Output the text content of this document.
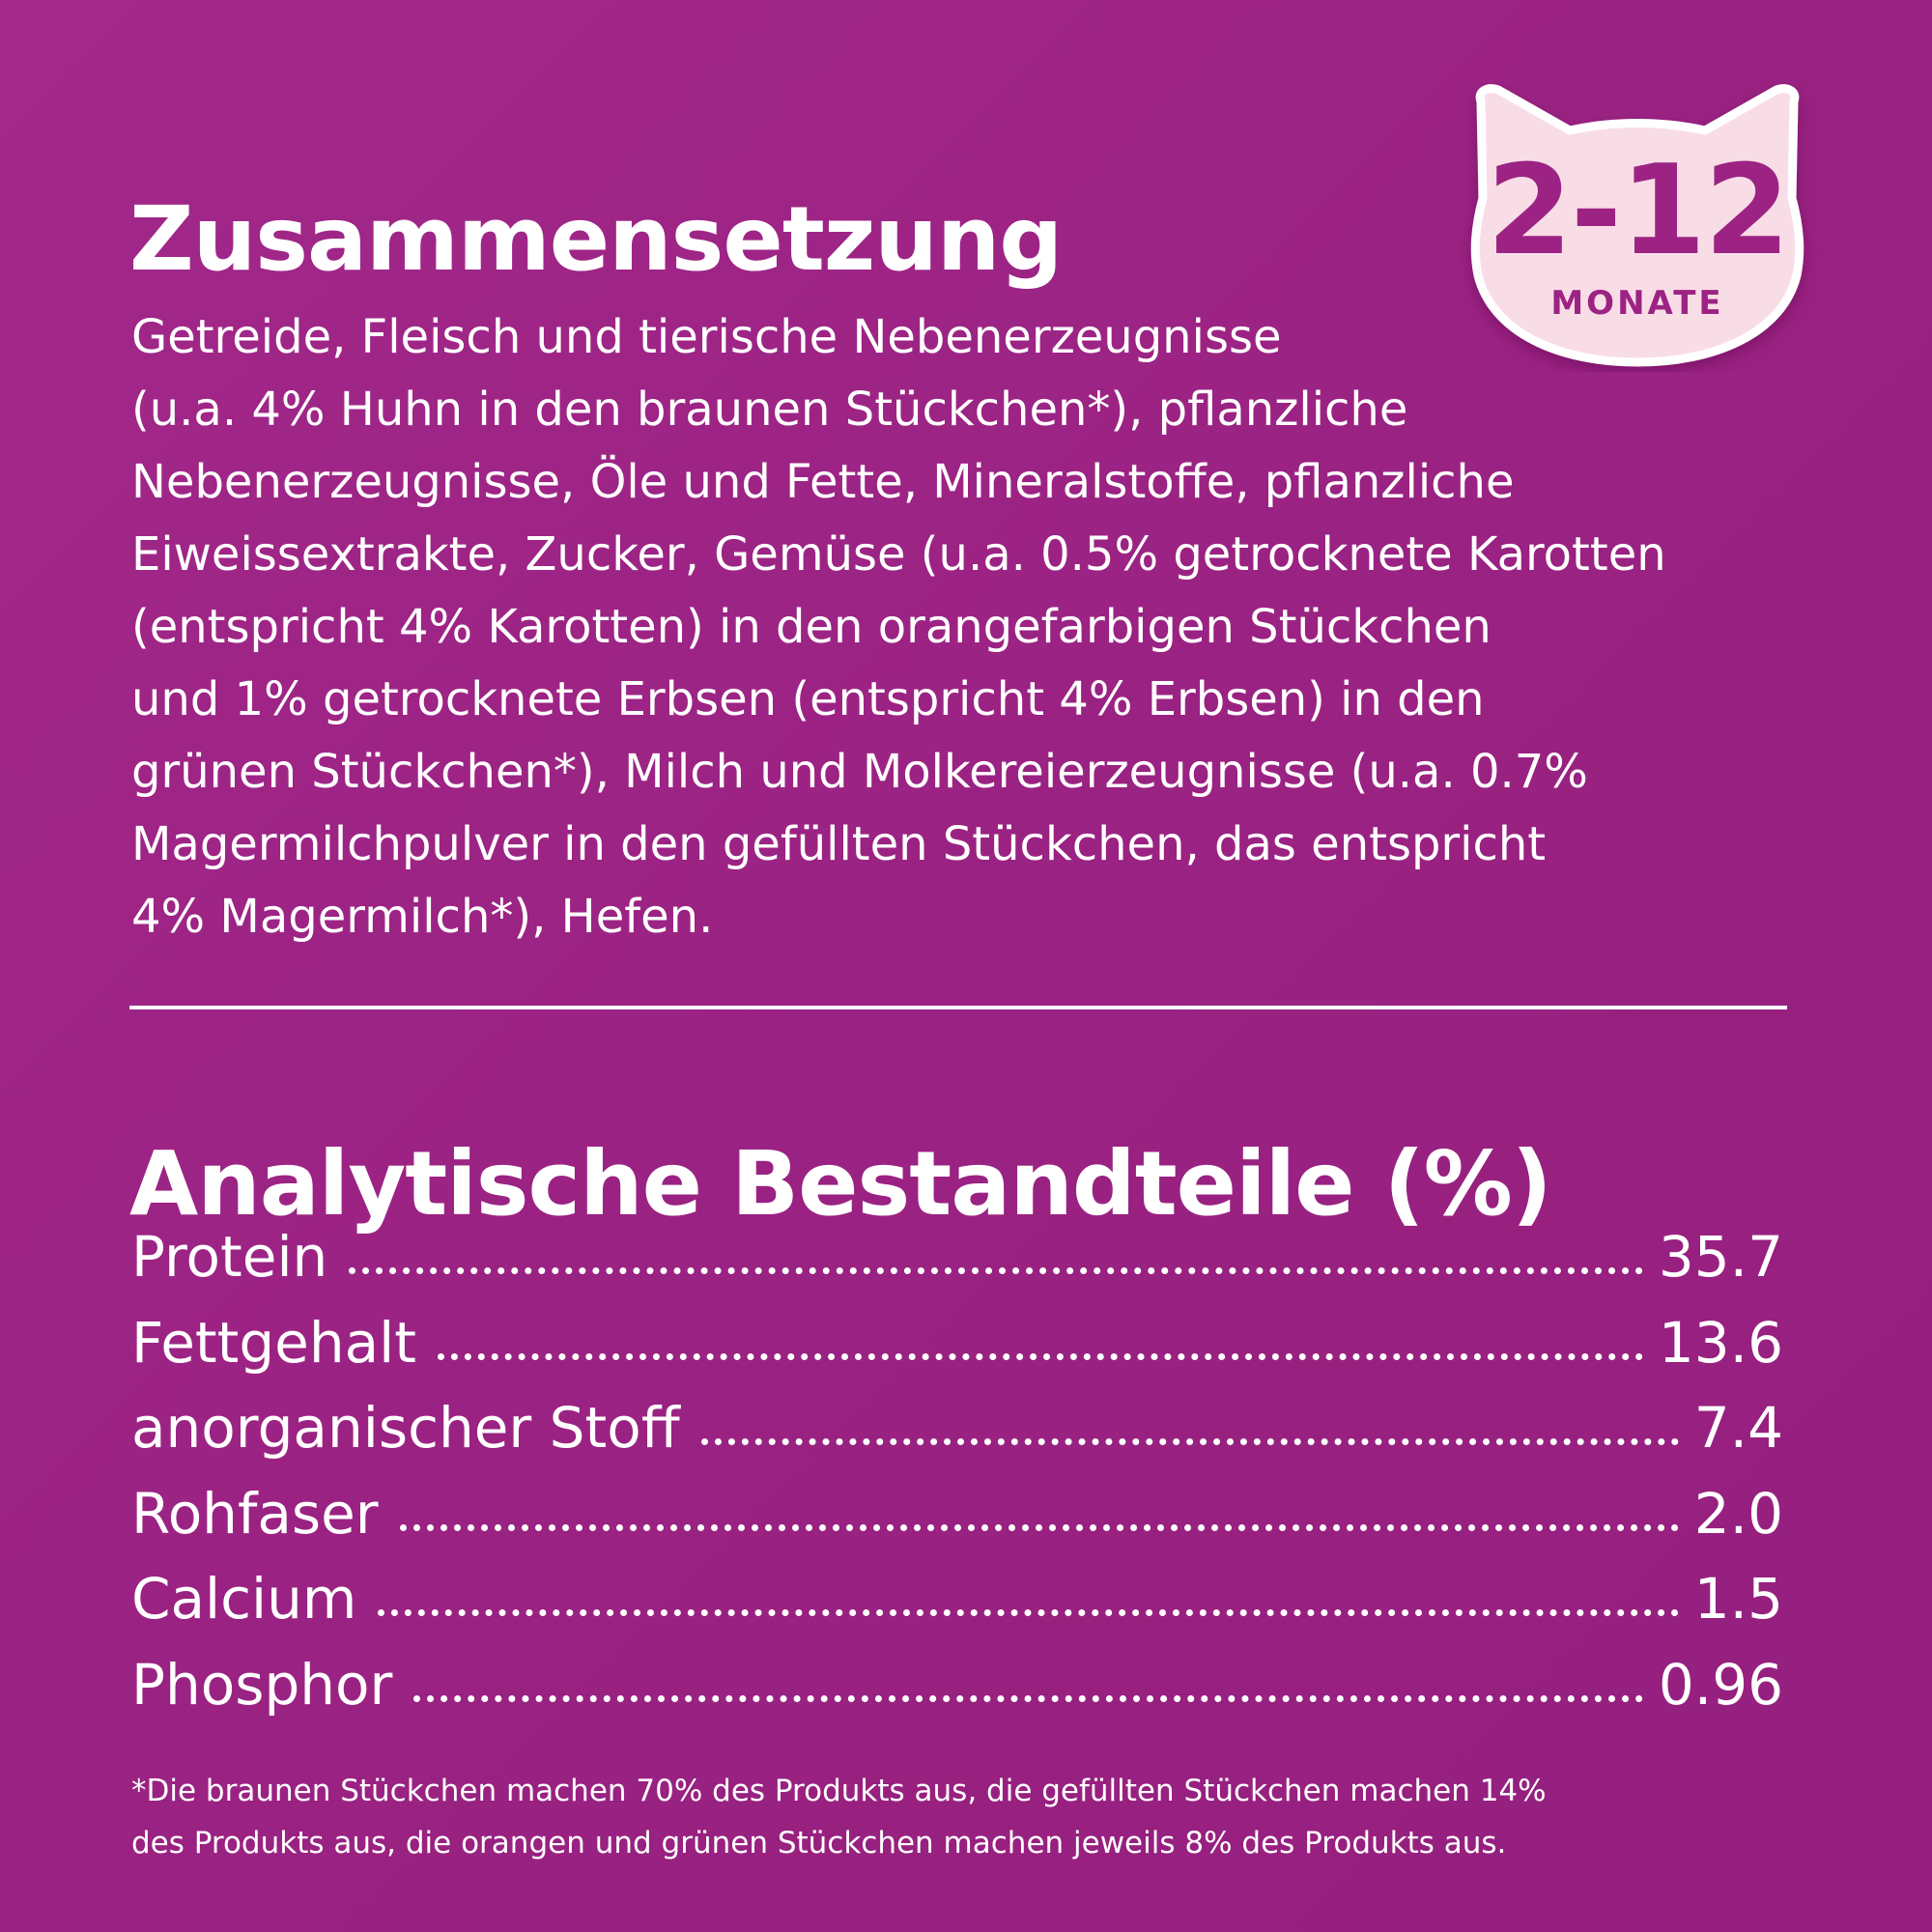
Zusammensetzung	2-12
MONATE

Getreide, Fleisch und tierische Nebenerzeugnisse
(u.a. 4% Huhn in den braunen Stückchen*), pflanzliche
Nebenerzeugnisse, Öle und Fette, Mineralstoffe, pflanzliche
Eiweissextrakte, Zucker, Gemüse (u.a. 0.5% getrocknete Karotten
(entspricht 4% Karotten) in den orangefarbigen Stückchen
und 1% getrocknete Erbsen (entspricht 4% Erbsen) in den
grünen Stückchen*), Milch und Molkereierzeugnisse (u.a. 0.7%
Magermilchpulver in den gefüllten Stückchen, das entspricht
4% Magermilch*), Hefen.

Analytische Bestandteile (%)
Protein	35.7
Fettgehalt	13.6
anorganischer Stoff	7.4
Rohfaser	2.0
Calcium	1.5
Phosphor	0.96
*Die braunen Stückchen machen 70% des Produkts aus, die gefüllten Stückchen machen 14%
des Produkts aus, die orangen und grünen Stückchen machen jeweils 8% des Produkts aus.
